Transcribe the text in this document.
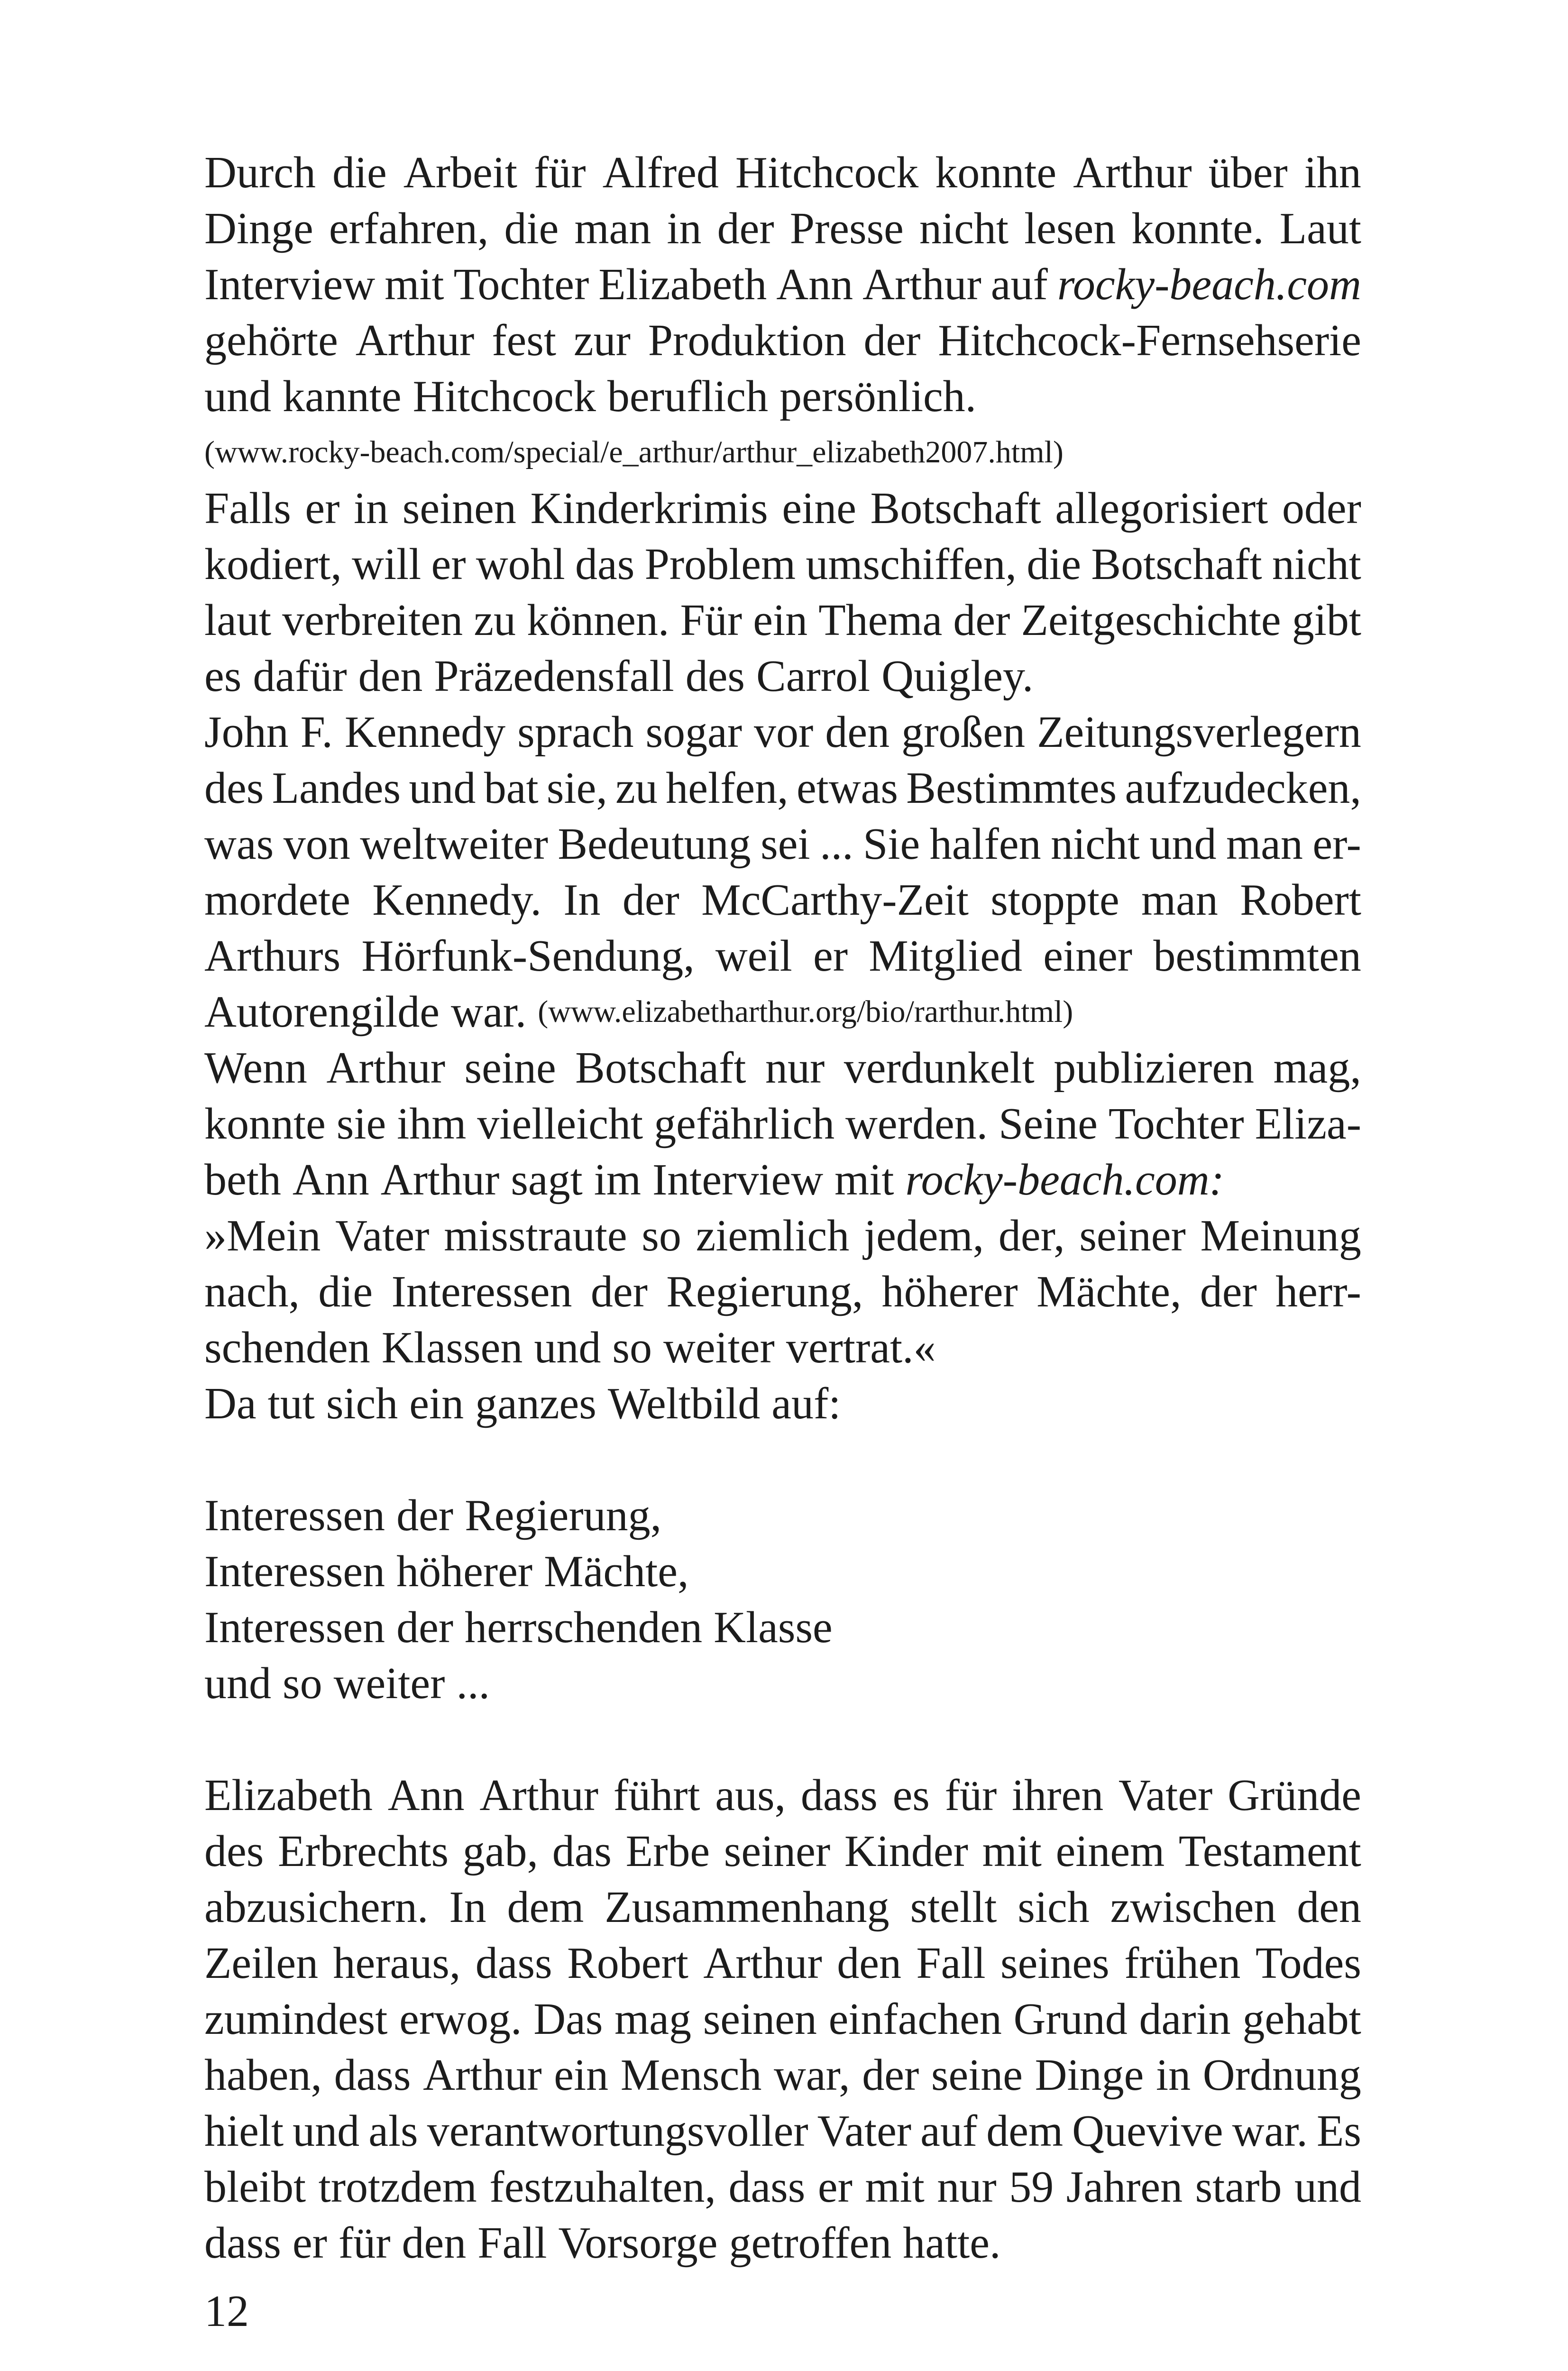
Durch die Arbeit für Alfred Hitchcock konnte Arthur über ihn
Dinge erfahren, die man in der Presse nicht lesen konnte. Laut
Interview mit Tochter Elizabeth Ann Arthur auf rocky-beach.com
gehörte Arthur fest zur Produktion der Hitchcock-Fernsehserie
und kannte Hitchcock beruflich persönlich.
(www.rocky-beach.com/special/e_arthur/arthur_elizabeth2007.html)
Falls er in seinen Kinderkrimis eine Botschaft allegorisiert oder
kodiert, will er wohl das Problem umschiffen, die Botschaft nicht
laut verbreiten zu können. Für ein Thema der Zeitgeschichte gibt
es dafür den Präzedensfall des Carrol Quigley.
John F. Kennedy sprach sogar vor den großen Zeitungsverlegern
des Landes und bat sie, zu helfen, etwas Bestimmtes aufzudecken,
was von weltweiter Bedeutung sei ... Sie halfen nicht und man er-
mordete Kennedy. In der McCarthy-Zeit stoppte man Robert
Arthurs Hörfunk-Sendung, weil er Mitglied einer bestimmten
Autorengilde war. (www.elizabetharthur.org/bio/rarthur.html)
Wenn Arthur seine Botschaft nur verdunkelt publizieren mag,
konnte sie ihm vielleicht gefährlich werden. Seine Tochter Eliza-
beth Ann Arthur sagt im Interview mit rocky-beach.com:
»Mein Vater misstraute so ziemlich jedem, der, seiner Meinung
nach, die Interessen der Regierung, höherer Mächte, der herr-
schenden Klassen und so weiter vertrat.«
Da tut sich ein ganzes Weltbild auf:
Interessen der Regierung,
Interessen höherer Mächte,
Interessen der herrschenden Klasse
und so weiter ...
Elizabeth Ann Arthur führt aus, dass es für ihren Vater Gründe
des Erbrechts gab, das Erbe seiner Kinder mit einem Testament
abzusichern. In dem Zusammenhang stellt sich zwischen den
Zeilen heraus, dass Robert Arthur den Fall seines frühen Todes
zumindest erwog. Das mag seinen einfachen Grund darin gehabt
haben, dass Arthur ein Mensch war, der seine Dinge in Ordnung
hielt und als verantwortungsvoller Vater auf dem Quevive war. Es
bleibt trotzdem festzuhalten, dass er mit nur 59 Jahren starb und
dass er für den Fall Vorsorge getroffen hatte.
12
